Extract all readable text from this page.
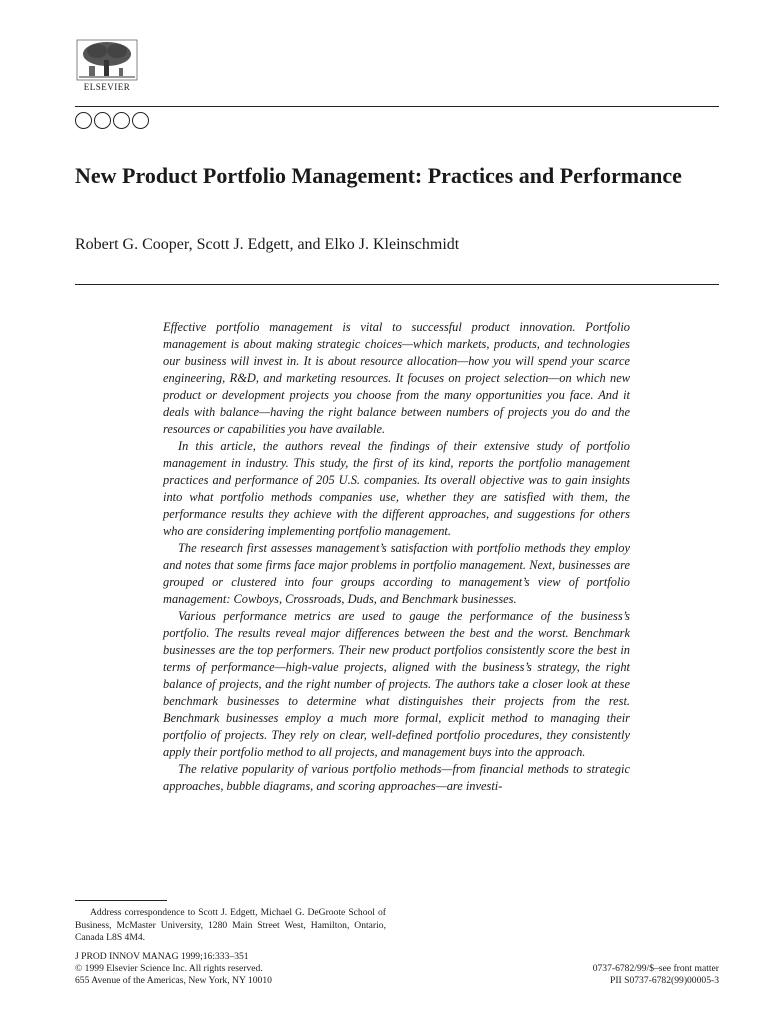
ELSEVIER
New Product Portfolio Management: Practices and Performance
Robert G. Cooper, Scott J. Edgett, and Elko J. Kleinschmidt

Effective portfolio management is vital to successful product innovation. Portfolio management is about making strategic choices—which markets, products, and technologies our business will invest in. It is about resource allocation—how you will spend your scarce engineering, R&D, and marketing resources. It focuses on project selection—on which new product or development projects you choose from the many opportunities you face. And it deals with balance—having the right balance between numbers of projects you do and the resources or capabilities you have available.

In this article, the authors reveal the findings of their extensive study of portfolio management in industry. This study, the first of its kind, reports the portfolio management practices and performance of 205 U.S. companies. Its overall objective was to gain insights into what portfolio methods companies use, whether they are satisfied with them, the performance results they achieve with the different approaches, and suggestions for others who are considering implementing portfolio management.

The research first assesses management’s satisfaction with portfolio methods they employ and notes that some firms face major problems in portfolio management. Next, businesses are grouped or clustered into four groups according to management’s view of portfolio management: Cowboys, Crossroads, Duds, and Benchmark businesses.

Various performance metrics are used to gauge the performance of the business’s portfolio. The results reveal major differences between the best and the worst. Benchmark businesses are the top performers. Their new product portfolios consistently score the best in terms of performance—high-value projects, aligned with the business’s strategy, the right balance of projects, and the right number of projects. The authors take a closer look at these benchmark businesses to determine what distinguishes their projects from the rest. Benchmark businesses employ a much more formal, explicit method to managing their portfolio of projects. They rely on clear, well-defined portfolio procedures, they consistently apply their portfolio method to all projects, and management buys into the approach.

The relative popularity of various portfolio methods—from financial methods to strategic approaches, bubble diagrams, and scoring approaches—are investi-

Address correspondence to Scott J. Edgett, Michael G. DeGroote School of Business, McMaster University, 1280 Main Street West, Hamilton, Ontario, Canada L8S 4M4.
J PROD INNOV MANAG 1999;16:333–351
© 1999 Elsevier Science Inc. All rights reserved.
655 Avenue of the Americas, New York, NY 10010
0737-6782/99/$–see front matter
PII S0737-6782(99)00005-3
